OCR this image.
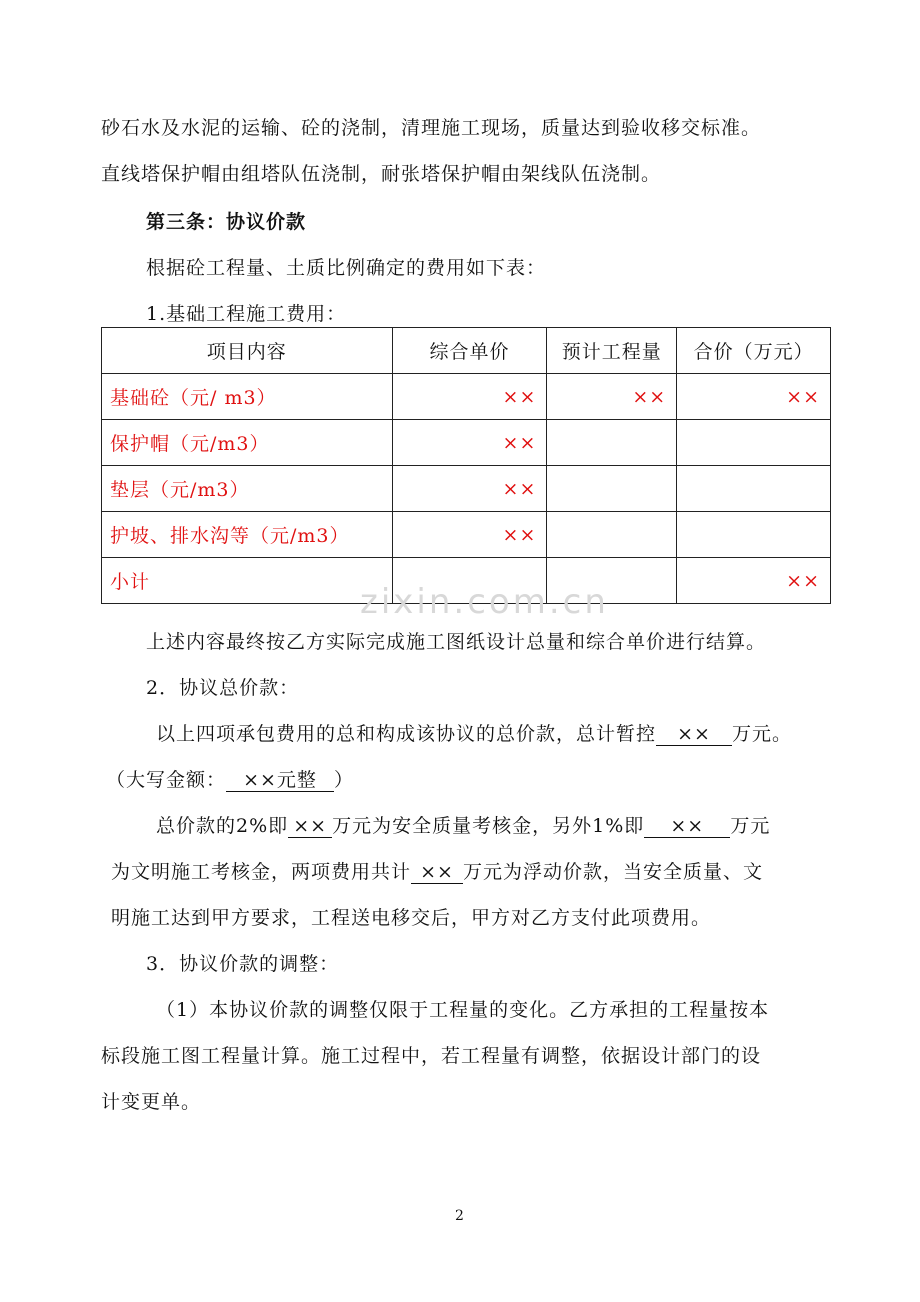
砂石水及水泥的运输、砼的浇制，清理施工现场，质量达到验收移交标准。
直线塔保护帽由组塔队伍浇制，耐张塔保护帽由架线队伍浇制。
第三条：协议价款
根据砼工程量、土质比例确定的费用如下表：
1.基础工程施工费用：
项目内容	综合单价	预计工程量	合价（万元）
基础砼（元/ m3）	××	××	××
保护帽（元/m3）	××		
垫层（元/m3）	××		
护坡、排水沟等（元/m3）	××		
小计			××
zixin.com.cn
上述内容最终按乙方实际完成施工图纸设计总量和综合单价进行结算。
2．协议总价款：
以上四项承包费用的总和构成该协议的总价款，总计暂控 ×× 万元。
（大写金额： ××元整 ）
总价款的2%即 ×× 万元为安全质量考核金，另外1%即 ×× 万元
为文明施工考核金，两项费用共计 ×× 万元为浮动价款，当安全质量、文
明施工达到甲方要求，工程送电移交后，甲方对乙方支付此项费用。
3．协议价款的调整：
（1）本协议价款的调整仅限于工程量的变化。乙方承担的工程量按本
标段施工图工程量计算。施工过程中，若工程量有调整，依据设计部门的设
计变更单。
2
